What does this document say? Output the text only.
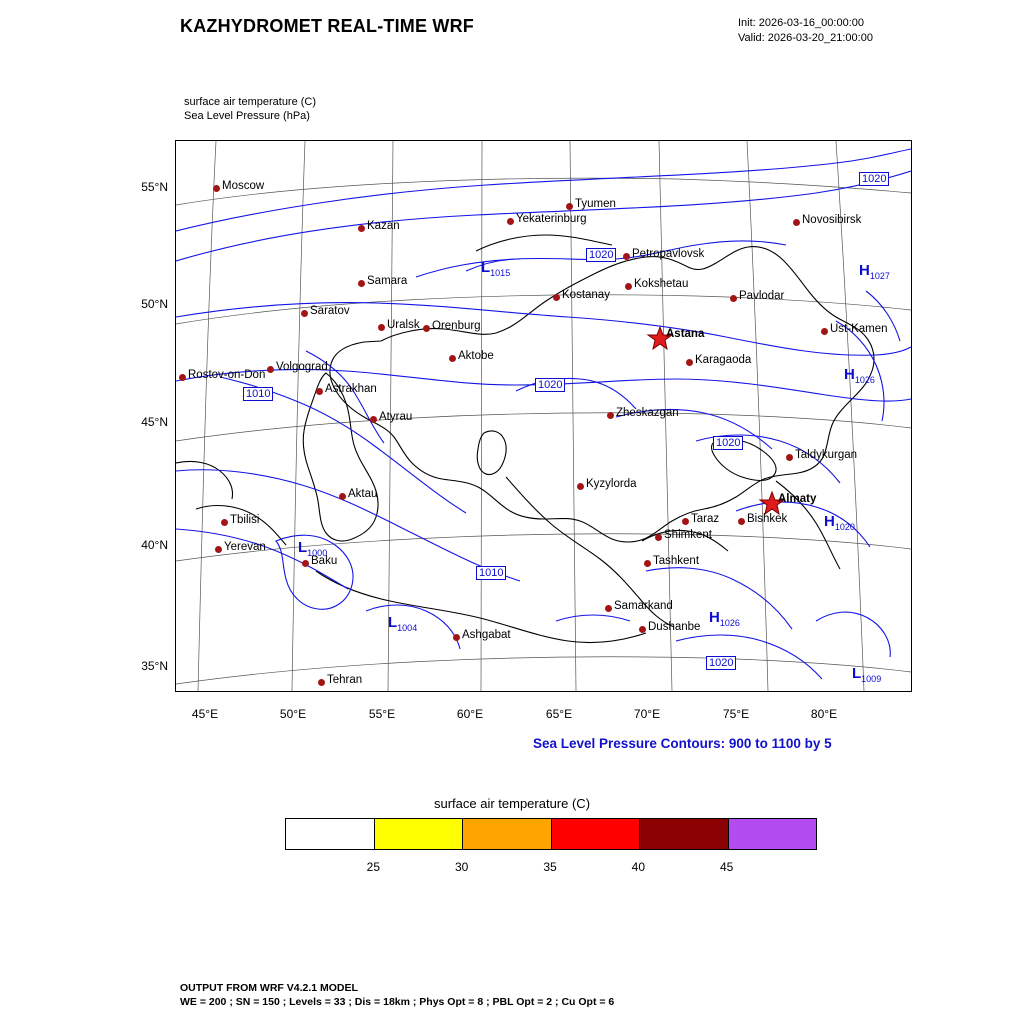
KAZHYDROMET REAL-TIME WRF	Init: 2026-03-16_00:00:00
Valid: 2026-03-20_21:00:00
surface air temperature (C)
Sea Level Pressure (hPa)
55°N
50°N
45°N
40°N
35°N
45°E	50°E	55°E	60°E	65°E	70°E	75°E	80°E
Moscow
Kazan
Yekaterinburg
Tyumen
Novosibirsk
Petropavlovsk
Kostanay
Kokshetau
Pavlodar
Ust-Kamen
Samara
Saratov
Uralsk Orenburg
Astana
Karagaoda
Aktobe
Volgograd
Rostov-on-Don
Astrakhan
Atyrau	Zheskazgan
Taldykurgan
Aktau
Kyzylorda
Taraz Bishkek
Almaty
Shimkent
Tashkent
Tbilisi
Yerevan
Baku
Samarkand
Dushanbe
Ashgabat
Tehran
1020
1020
1020
1020
1010
1010
1020
$L_{1015}$	$H_{1027}$
$H_{1026}$
$H_{1020}$
$L_{1000}$
$L_{1004}$
$H_{1026}$
$L_{1009}$
Sea Level Pressure Contours: 900 to 1100 by 5
surface air temperature (C)
25	30	35	40	45
OUTPUT FROM WRF V4.2.1 MODEL
WE = 200 ; SN = 150 ; Levels = 33 ; Dis = 18km ; Phys Opt = 8 ; PBL Opt = 2 ; Cu Opt = 6
